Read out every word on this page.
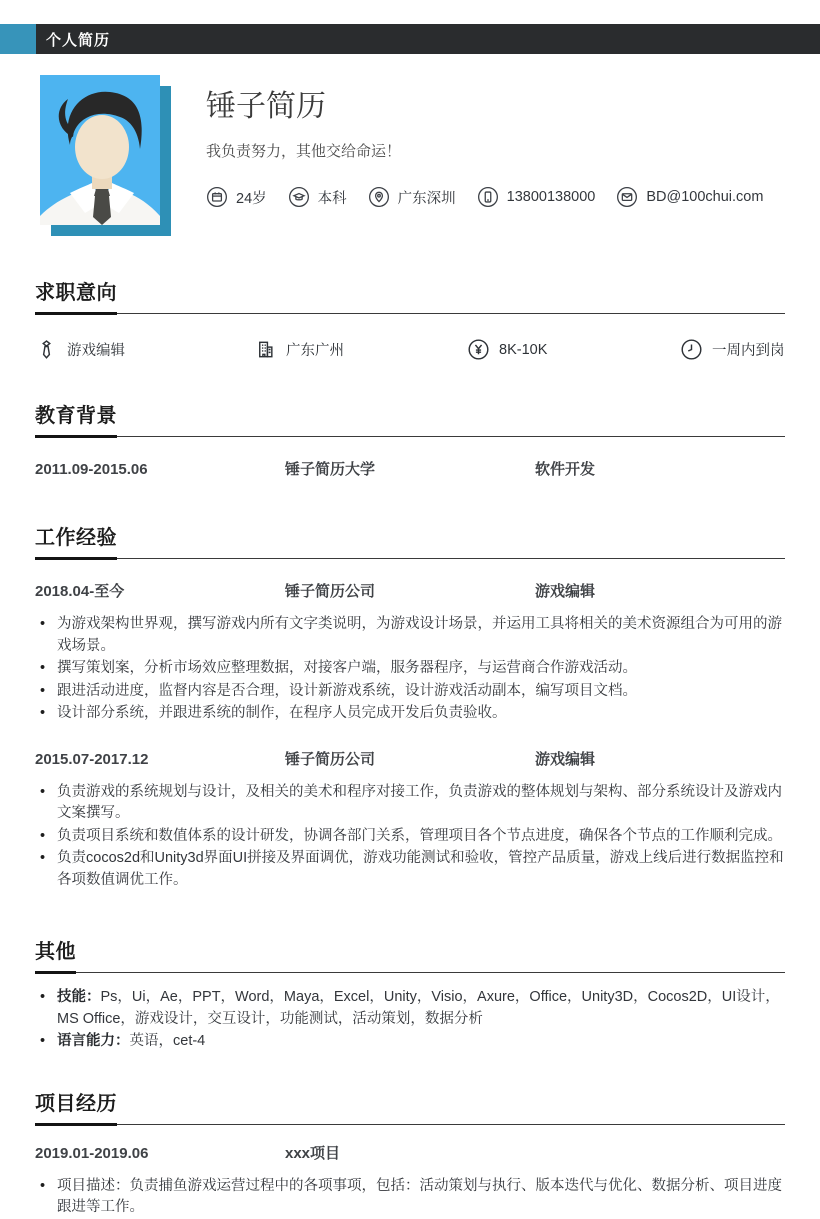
个人简历
锤子简历
我负责努力，其他交给命运！
24岁	本科	广东深圳	13800138000	BD@100chui.com
求职意向
游戏编辑	广东广州	8K-10K	一周内到岗
教育背景
2011.09-2015.06	锤子简历大学	软件开发
工作经验
2018.04-至今	锤子简历公司	游戏编辑
• 为游戏架构世界观，撰写游戏内所有文字类说明，为游戏设计场景，并运用工具将相关的美术资源组合为可用的游戏场景。
• 撰写策划案，分析市场效应整理数据，对接客户端，服务器程序，与运营商合作游戏活动。
• 跟进活动进度，监督内容是否合理，设计新游戏系统，设计游戏活动副本，编写项目文档。
• 设计部分系统，并跟进系统的制作，在程序人员完成开发后负责验收。
2015.07-2017.12	锤子简历公司	游戏编辑
• 负责游戏的系统规划与设计，及相关的美术和程序对接工作，负责游戏的整体规划与架构、部分系统设计及游戏内文案撰写。
• 负责项目系统和数值体系的设计研发，协调各部门关系，管理项目各个节点进度，确保各个节点的工作顺利完成。
• 负责cocos2d和Unity3d界面UI拼接及界面调优，游戏功能测试和验收，管控产品质量，游戏上线后进行数据监控和各项数值调优工作。
其他
• 技能：Ps，Ui，Ae，PPT，Word，Maya，Excel，Unity，Visio，Axure，Office，Unity3D，Cocos2D，UI设计，MS Office，游戏设计，交互设计，功能测试，活动策划，数据分析
• 语言能力：英语，cet-4
项目经历
2019.01-2019.06	xxx项目
• 项目描述：负责捕鱼游戏运营过程中的各项事项，包括：活动策划与执行、版本迭代与优化、数据分析、项目进度跟进等工作。
